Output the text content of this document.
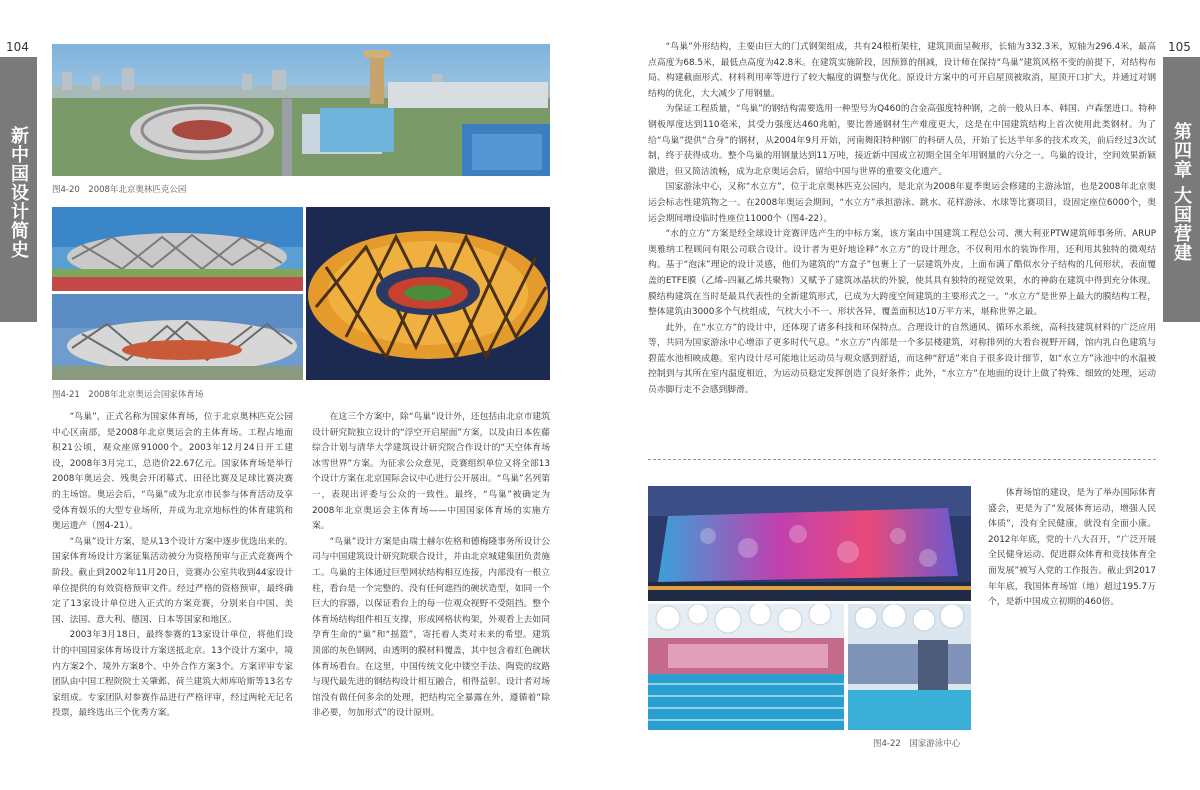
104	105
新中国设计简史	第四章 大国营建
图4-20　2008年北京奥林匹克公园
图4-21　2008年北京奥运会国家体育场

“鸟巢”，正式名称为国家体育场，位于北京奥林匹克公园中心区南部，是2008年北京奥运会的主体育场。工程占地面积21公顷，观众座席91000个。2003年12月24日开工建设，2008年3月完工，总造价22.67亿元。国家体育场是举行2008年奥运会、残奥会开闭幕式、田径比赛及足球比赛决赛的主场馆。奥运会后，“鸟巢”成为北京市民参与体育活动及享受体育娱乐的大型专业场所，并成为北京地标性的体育建筑和奥运遗产（图4-21）。

“鸟巢”设计方案，是从13个设计方案中逐步优选出来的。国家体育场设计方案征集活动被分为资格预审与正式竞赛两个阶段。截止到2002年11月20日，竞赛办公室共收到44家设计单位提供的有效资格预审文件。经过严格的资格预审，最终确定了13家设计单位进入正式的方案竞赛，分别来自中国、美国、法国、意大利、德国、日本等国家和地区。

2003年3月18日，最终参赛的13家设计单位，将他们设计的中国国家体育场设计方案送抵北京。13个设计方案中，境内方案2个、境外方案8个、中外合作方案3个。方案评审专家团队由中国工程院院士关肇邺、荷兰建筑大师库哈斯等13名专家组成。专家团队对参赛作品进行严格评审，经过两轮无记名投票，最终选出三个优秀方案。

在这三个方案中，除“鸟巢”设计外，还包括由北京市建筑设计研究院独立设计的“浮空开启屋面”方案，以及由日本佐藤综合计划与清华大学建筑设计研究院合作设计的“天空体育场冰雪世界”方案。为征求公众意见，竞赛组织单位又将全部13个设计方案在北京国际会议中心进行公开展出。“鸟巢”名列第一，表现出评委与公众的一致性。最终，“鸟巢”被确定为2008年北京奥运会主体育场——中国国家体育场的实施方案。

“鸟巢”设计方案是由瑞士赫尔佐格和德梅隆事务所设计公司与中国建筑设计研究院联合设计，并由北京城建集团负责施工。鸟巢的主体通过巨型网状结构相互连接，内部没有一根立柱，看台是一个完整的、没有任何遮挡的碗状造型，如同一个巨大的容器，以保证看台上的每一位观众视野不受阻挡。整个体育场结构组件相互支撑，形成网格状构架，外观看上去如同孕育生命的“巢”和“摇篮”，寄托着人类对未来的希望。建筑顶部的灰色钢网，由透明的膜材料覆盖，其中包含着红色碗状体育场看台。在这里，中国传统文化中镂空手法、陶瓷的纹路与现代最先进的钢结构设计相互融合，相得益彰。设计者对场馆没有做任何多余的处理，把结构完全暴露在外，遵循着“除非必要，勿加形式”的设计原则。

“鸟巢”外形结构，主要由巨大的门式钢架组成，共有24根桁架柱，建筑顶面呈鞍形，长轴为332.3米，短轴为296.4米，最高点高度为68.5米，最低点高度为42.8米。在建筑实施阶段，因预算的削减，设计师在保持“鸟巢”建筑风格不变的前提下，对结构布局、构建截面形式、材料利用率等进行了较大幅度的调整与优化。原设计方案中的可开启屋顶被取消，屋顶开口扩大，并通过对钢结构的优化，大大减少了用钢量。

为保证工程质量，“鸟巢”的钢结构需要选用一种型号为Q460的合金高强度特种钢，之前一般从日本、韩国、卢森堡进口。特种钢板厚度达到110毫米，其受力强度达460兆帕，要比普通钢材生产难度更大，这是在中国建筑结构上首次使用此类钢材。为了给“鸟巢”提供“合身”的钢材，从2004年9月开始，河南舞阳特种钢厂的科研人员，开始了长达半年多的技术攻关，前后经过3次试制，终于获得成功。整个鸟巢的用钢量达到11万吨，接近新中国成立初期全国全年用钢量的六分之一。鸟巢的设计，空间效果新颖激进，但又简洁流畅，成为北京奥运会后，留给中国与世界的重要文化遗产。

国家游泳中心，又称“水立方”，位于北京奥林匹克公园内，是北京为2008年夏季奥运会修建的主游泳馆，也是2008年北京奥运会标志性建筑物之一。在2008年奥运会期间，“水立方”承担游泳、跳水、花样游泳、水球等比赛项目，设固定座位6000个，奥运会期间增设临时性座位11000个（图4-22）。

“水的立方”方案是经全球设计竞赛评选产生的中标方案，该方案由中国建筑工程总公司、澳大利亚PTW建筑师事务所、ARUP奥雅纳工程顾问有限公司联合设计。设计者为更好地诠释“水立方”的设计理念，不仅利用水的装饰作用，还利用其独特的微观结构。基于“泡沫”理论的设计灵感，他们为建筑的“方盒子”包裹上了一层建筑外皮，上面布满了酷似水分子结构的几何形状，表面覆盖的ETFE膜（乙烯–四氟乙烯共聚物）又赋予了建筑冰晶状的外貌，使其具有独特的视觉效果，水的神韵在建筑中得到充分体现。膜结构建筑在当时是最具代表性的全新建筑形式，已成为大跨度空间建筑的主要形式之一。“水立方”是世界上最大的膜结构工程，整体建筑由3000多个气枕组成，气枕大小不一、形状各异，覆盖面积达10万平方米，堪称世界之最。

此外，在“水立方”的设计中，还体现了诸多科技和环保特点。合理设计的自然通风、循环水系统，高科技建筑材料的广泛应用等，共同为国家游泳中心增添了更多时代气息。“水立方”内部是一个多层楼建筑，对称排列的大看台视野开阔，馆内乳白色建筑与碧蓝水池相映成趣。室内设计尽可能地让运动员与观众感到舒适，而这种“舒适”来自于很多设计细节，如“水立方”泳池中的水温被控制到与其所在室内温度相近，为运动员稳定发挥创造了良好条件；此外，“水立方”在地面的设计上做了特殊、细致的处理，运动员赤脚行走不会感到脚滑。

图4-22　国家游泳中心

体育场馆的建设，是为了举办国际体育盛会，更是为了“发展体育运动，增强人民体质”，没有全民健康，就没有全面小康。2012年年底，党的十八大召开，“广泛开展全民健身运动、促进群众体育和竞技体育全面发展”被写入党的工作报告。截止到2017年年底，我国体育场馆（地）超过195.7万个，是新中国成立初期的460倍。
